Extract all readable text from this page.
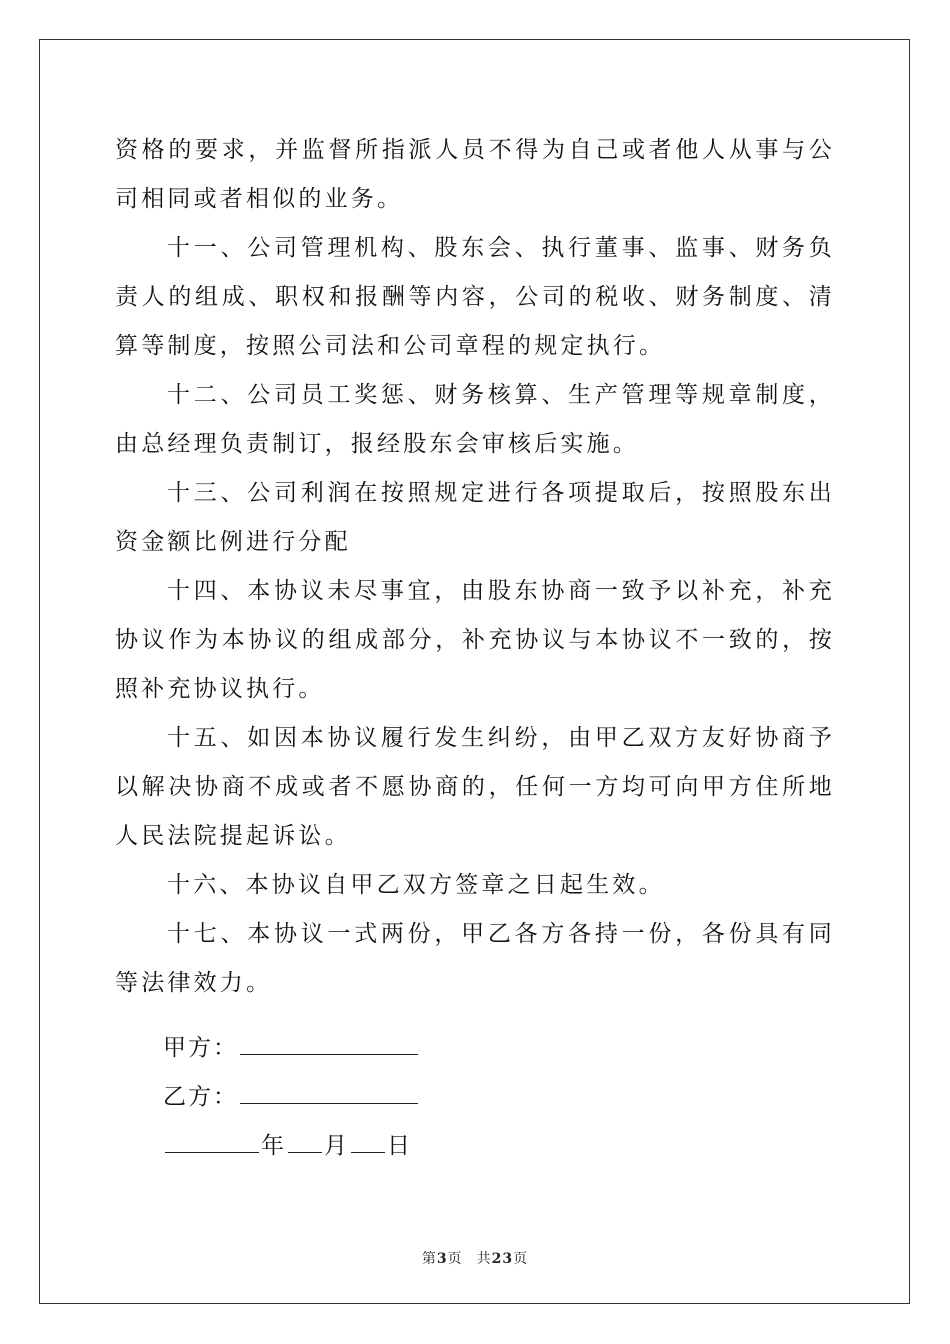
资格的要求，并监督所指派人员不得为自己或者他人从事与公司相同或者相似的业务。

十一、公司管理机构、股东会、执行董事、监事、财务负责人的组成、职权和报酬等内容，公司的税收、财务制度、清算等制度，按照公司法和公司章程的规定执行。

十二、公司员工奖惩、财务核算、生产管理等规章制度，由总经理负责制订，报经股东会审核后实施。

十三、公司利润在按照规定进行各项提取后，按照股东出资金额比例进行分配

十四、本协议未尽事宜，由股东协商一致予以补充，补充协议作为本协议的组成部分，补充协议与本协议不一致的，按照补充协议执行。

十五、如因本协议履行发生纠纷，由甲乙双方友好协商予以解决协商不成或者不愿协商的，任何一方均可向甲方住所地人民法院提起诉讼。

十六、本协议自甲乙双方签章之日起生效。

十七、本协议一式两份，甲乙各方各持一份，各份具有同等法律效力。

甲方：
乙方：
年 月 日
第3页 共23页
